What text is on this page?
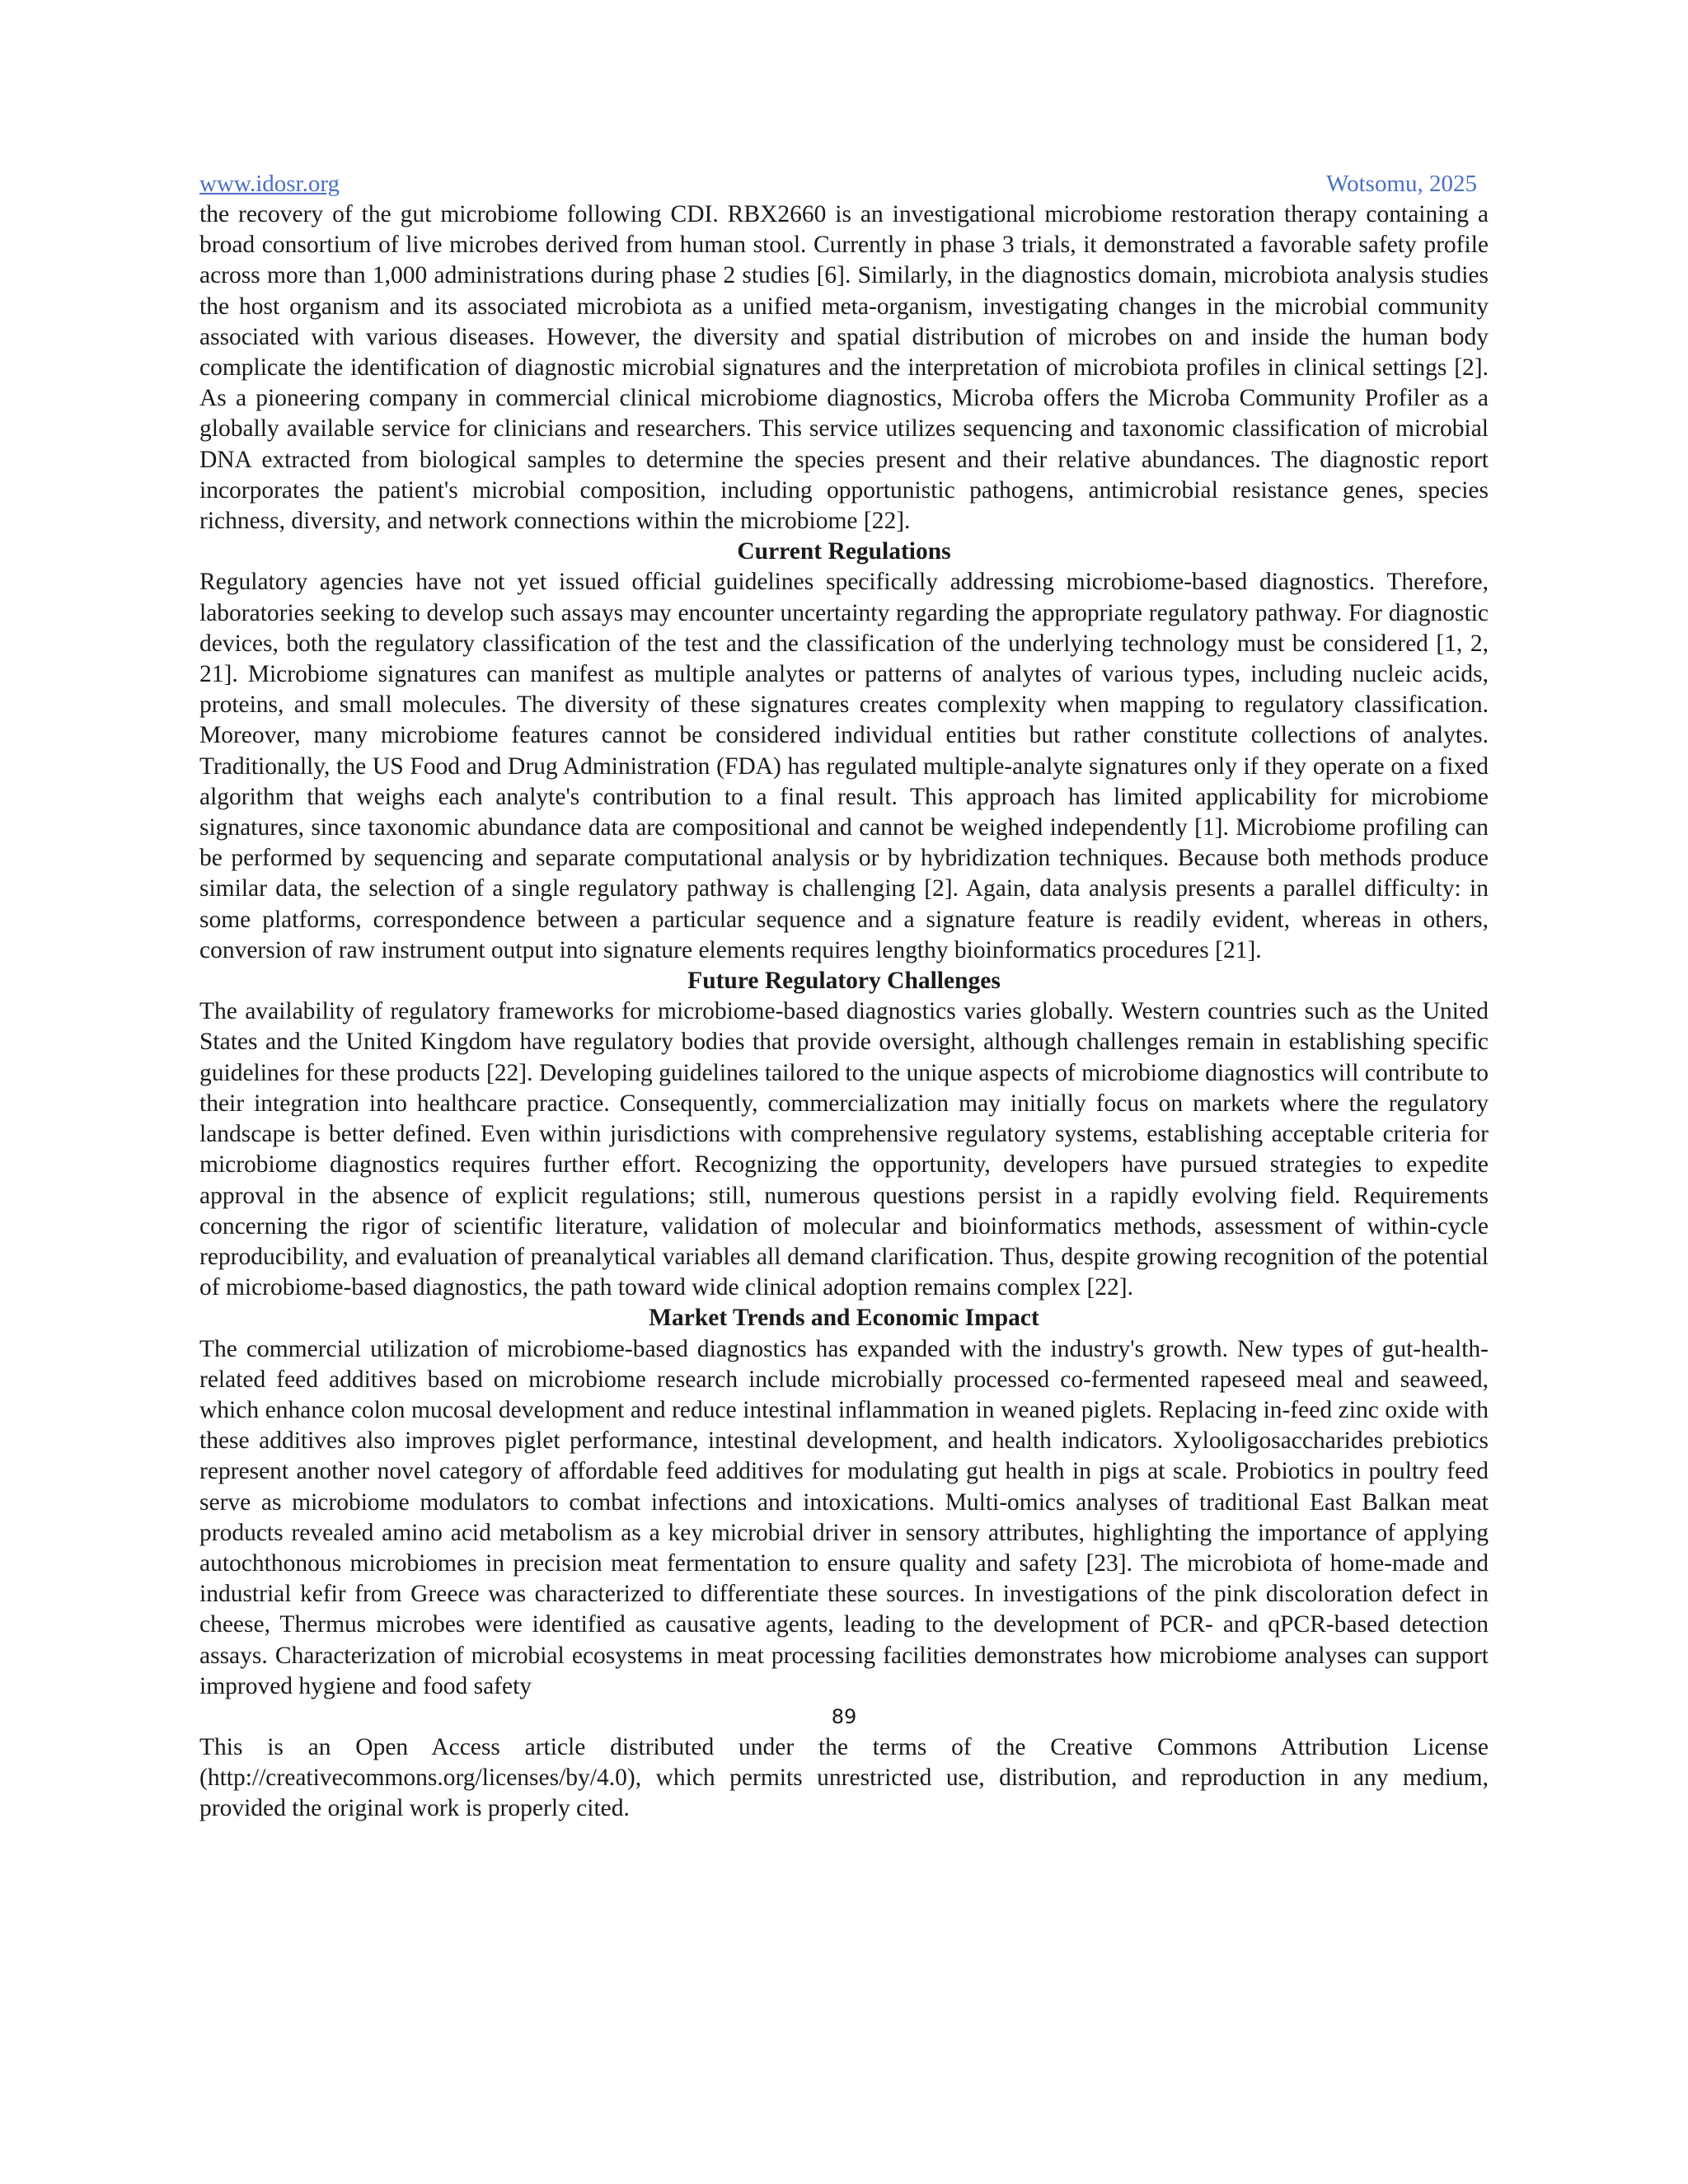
www.idosr.org	Wotsomu, 2025

the recovery of the gut microbiome following CDI. RBX2660 is an investigational microbiome restoration therapy containing a broad consortium of live microbes derived from human stool. Currently in phase 3 trials, it demonstrated a favorable safety profile across more than 1,000 administrations during phase 2 studies [6]. Similarly, in the diagnostics domain, microbiota analysis studies the host organism and its associated microbiota as a unified meta-organism, investigating changes in the microbial community associated with various diseases. However, the diversity and spatial distribution of microbes on and inside the human body complicate the identification of diagnostic microbial signatures and the interpretation of microbiota profiles in clinical settings [2]. As a pioneering company in commercial clinical microbiome diagnostics, Microba offers the Microba Community Profiler as a globally available service for clinicians and researchers. This service utilizes sequencing and taxonomic classification of microbial DNA extracted from biological samples to determine the species present and their relative abundances. The diagnostic report incorporates the patient's microbial composition, including opportunistic pathogens, antimicrobial resistance genes, species richness, diversity, and network connections within the microbiome [22].

Current Regulations

Regulatory agencies have not yet issued official guidelines specifically addressing microbiome-based diagnostics. Therefore, laboratories seeking to develop such assays may encounter uncertainty regarding the appropriate regulatory pathway. For diagnostic devices, both the regulatory classification of the test and the classification of the underlying technology must be considered [1, 2, 21]. Microbiome signatures can manifest as multiple analytes or patterns of analytes of various types, including nucleic acids, proteins, and small molecules. The diversity of these signatures creates complexity when mapping to regulatory classification. Moreover, many microbiome features cannot be considered individual entities but rather constitute collections of analytes. Traditionally, the US Food and Drug Administration (FDA) has regulated multiple-analyte signatures only if they operate on a fixed algorithm that weighs each analyte's contribution to a final result. This approach has limited applicability for microbiome signatures, since taxonomic abundance data are compositional and cannot be weighed independently [1]. Microbiome profiling can be performed by sequencing and separate computational analysis or by hybridization techniques. Because both methods produce similar data, the selection of a single regulatory pathway is challenging [2]. Again, data analysis presents a parallel difficulty: in some platforms, correspondence between a particular sequence and a signature feature is readily evident, whereas in others, conversion of raw instrument output into signature elements requires lengthy bioinformatics procedures [21].

Future Regulatory Challenges

The availability of regulatory frameworks for microbiome-based diagnostics varies globally. Western countries such as the United States and the United Kingdom have regulatory bodies that provide oversight, although challenges remain in establishing specific guidelines for these products [22]. Developing guidelines tailored to the unique aspects of microbiome diagnostics will contribute to their integration into healthcare practice. Consequently, commercialization may initially focus on markets where the regulatory landscape is better defined. Even within jurisdictions with comprehensive regulatory systems, establishing acceptable criteria for microbiome diagnostics requires further effort. Recognizing the opportunity, developers have pursued strategies to expedite approval in the absence of explicit regulations; still, numerous questions persist in a rapidly evolving field. Requirements concerning the rigor of scientific literature, validation of molecular and bioinformatics methods, assessment of within-cycle reproducibility, and evaluation of preanalytical variables all demand clarification. Thus, despite growing recognition of the potential of microbiome-based diagnostics, the path toward wide clinical adoption remains complex [22].

Market Trends and Economic Impact

The commercial utilization of microbiome-based diagnostics has expanded with the industry's growth. New types of gut-health-related feed additives based on microbiome research include microbially processed co-fermented rapeseed meal and seaweed, which enhance colon mucosal development and reduce intestinal inflammation in weaned piglets. Replacing in-feed zinc oxide with these additives also improves piglet performance, intestinal development, and health indicators. Xylooligosaccharides prebiotics represent another novel category of affordable feed additives for modulating gut health in pigs at scale. Probiotics in poultry feed serve as microbiome modulators to combat infections and intoxications. Multi-omics analyses of traditional East Balkan meat products revealed amino acid metabolism as a key microbial driver in sensory attributes, highlighting the importance of applying autochthonous microbiomes in precision meat fermentation to ensure quality and safety [23]. The microbiota of home-made and industrial kefir from Greece was characterized to differentiate these sources. In investigations of the pink discoloration defect in cheese, Thermus microbes were identified as causative agents, leading to the development of PCR- and qPCR-based detection assays. Characterization of microbial ecosystems in meat processing facilities demonstrates how microbiome analyses can support improved hygiene and food safety

89

This is an Open Access article distributed under the terms of the Creative Commons Attribution License (http://creativecommons.org/licenses/by/4.0), which permits unrestricted use, distribution, and reproduction in any medium, provided the original work is properly cited.
